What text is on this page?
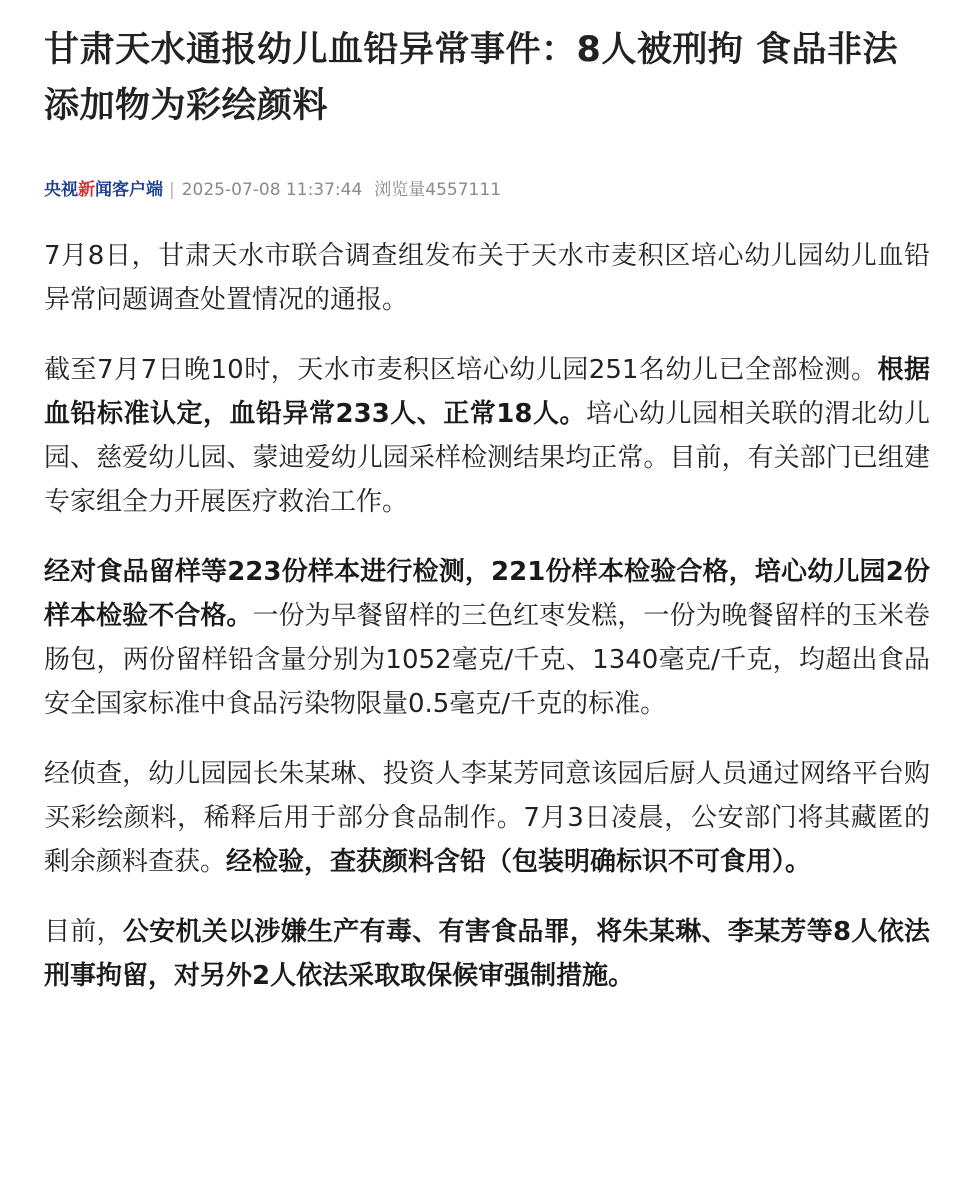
甘肃天水通报幼儿血铅异常事件：8人被刑拘 食品非法添加物为彩绘颜料
央视新闻客户端 | 2025-07-08 11:37:44 浏览量4557111

7月8日，甘肃天水市联合调查组发布关于天水市麦积区培心幼儿园幼儿血铅异常问题调查处置情况的通报。

截至7月7日晚10时，天水市麦积区培心幼儿园251名幼儿已全部检测。根据血铅标准认定，血铅异常233人、正常18人。培心幼儿园相关联的渭北幼儿园、慈爱幼儿园、蒙迪爱幼儿园采样检测结果均正常。目前，有关部门已组建专家组全力开展医疗救治工作。

经对食品留样等223份样本进行检测，221份样本检验合格，培心幼儿园2份样本检验不合格。一份为早餐留样的三色红枣发糕，一份为晚餐留样的玉米卷肠包，两份留样铅含量分别为1052毫克/千克、1340毫克/千克，均超出食品安全国家标准中食品污染物限量0.5毫克/千克的标准。

经侦查，幼儿园园长朱某琳、投资人李某芳同意该园后厨人员通过网络平台购买彩绘颜料，稀释后用于部分食品制作。7月3日凌晨，公安部门将其藏匿的剩余颜料查获。经检验，查获颜料含铅（包装明确标识不可食用）。

目前，公安机关以涉嫌生产有毒、有害食品罪，将朱某琳、李某芳等8人依法刑事拘留，对另外2人依法采取取保候审强制措施。
